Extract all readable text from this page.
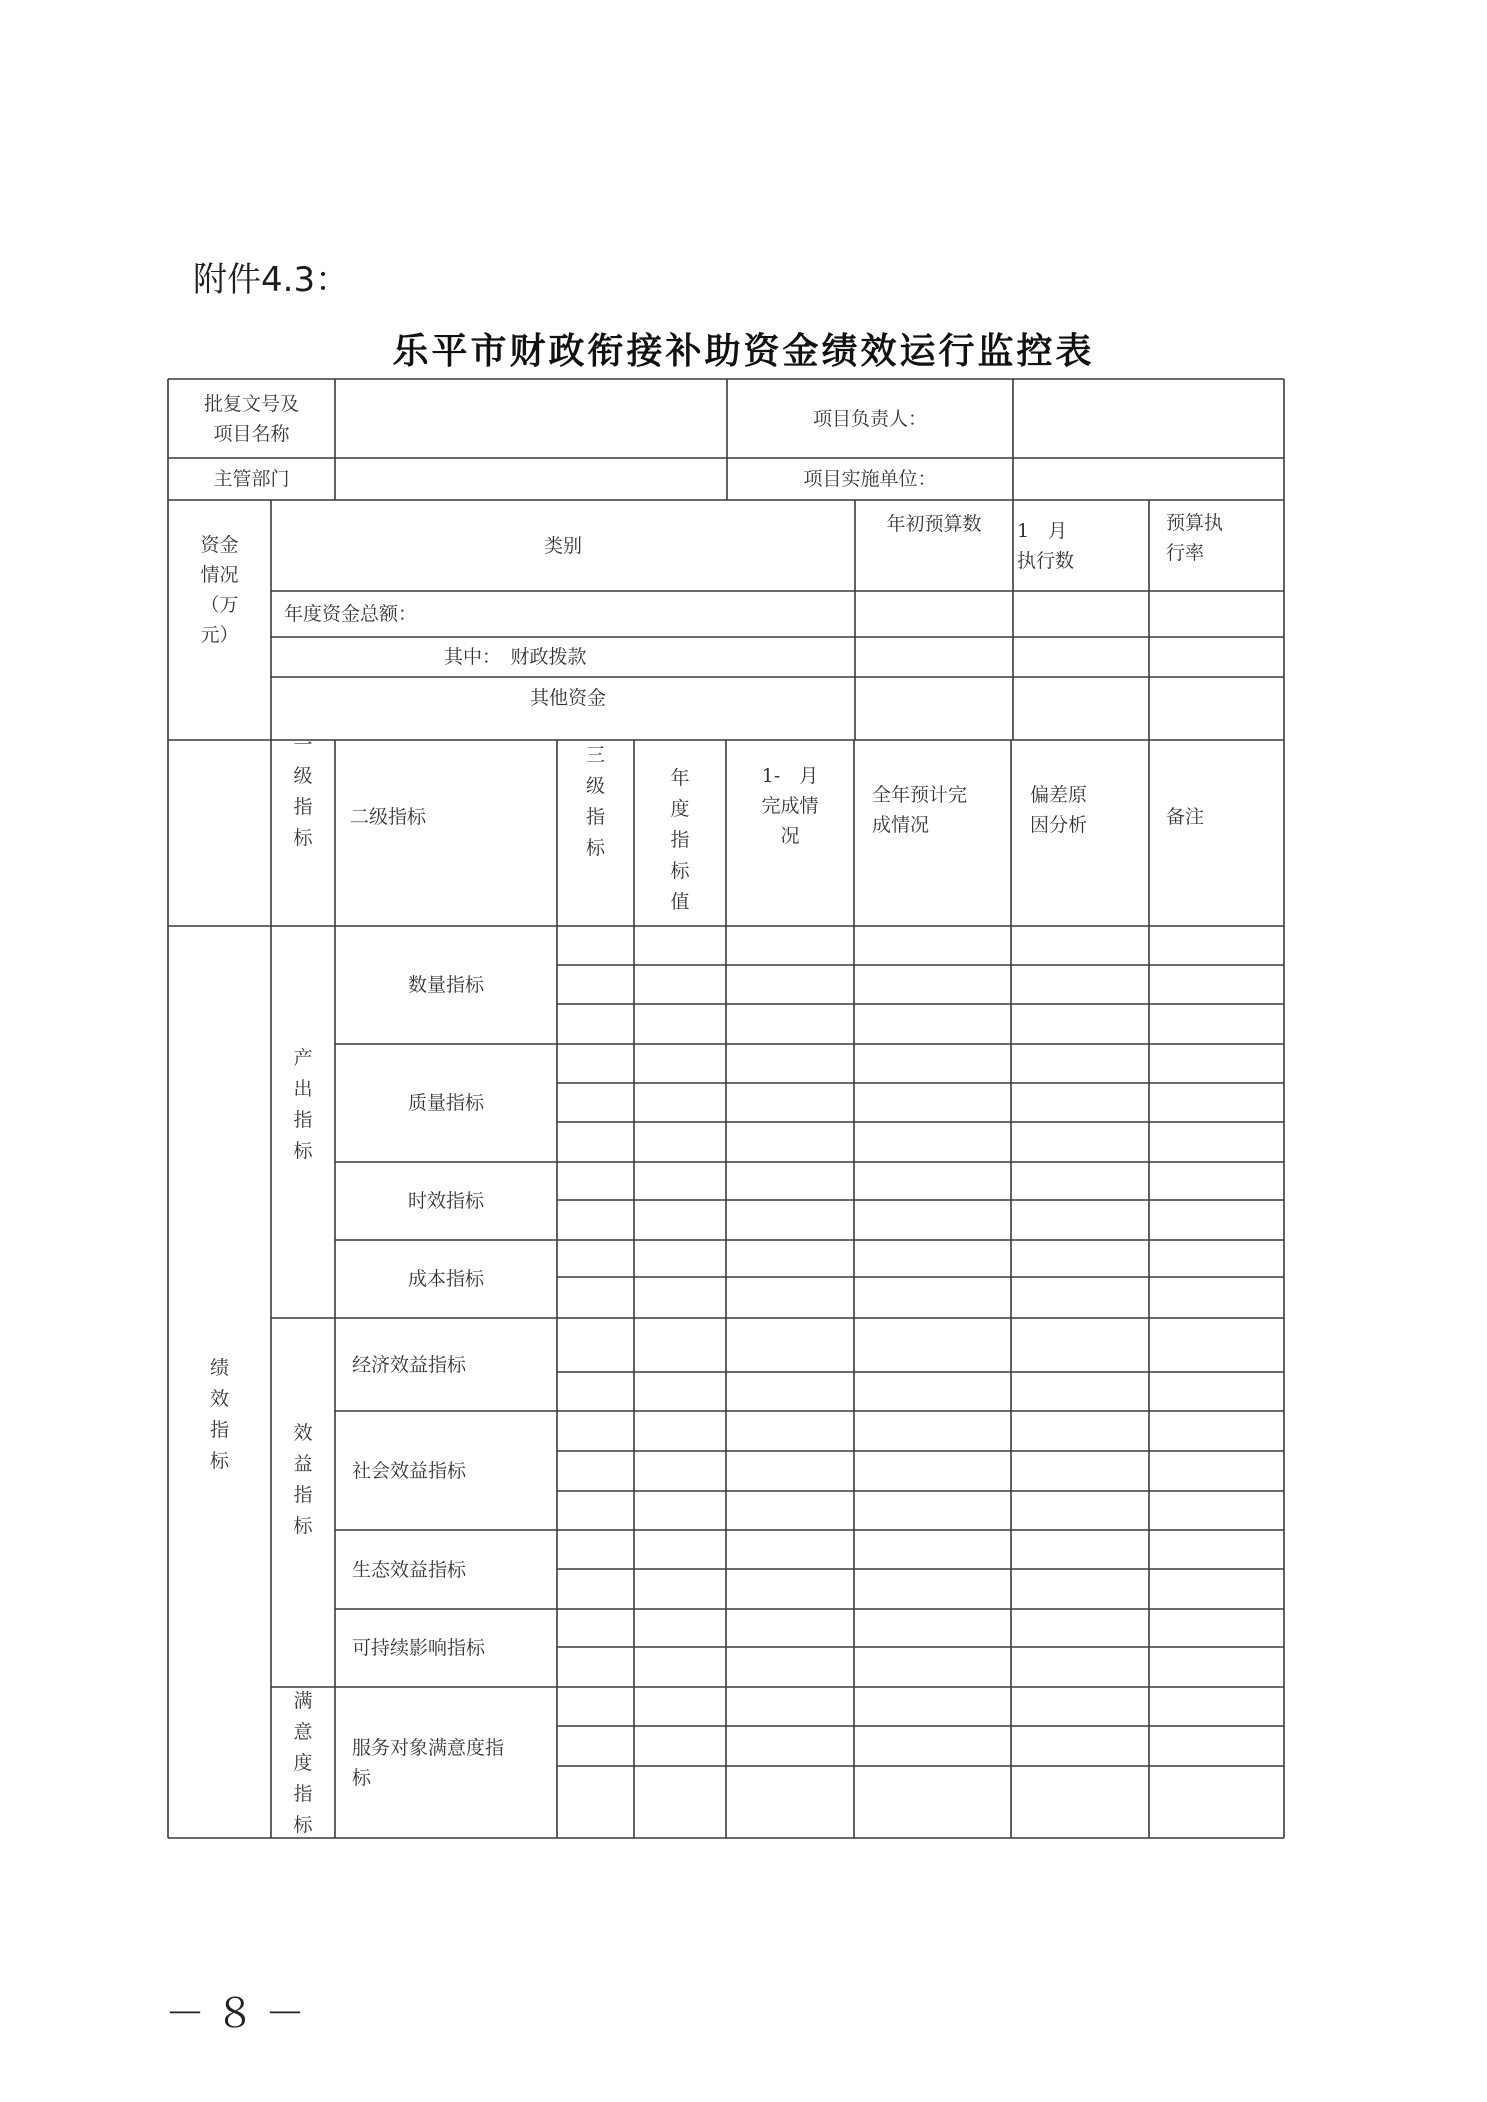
附件4.3：
乐平市财政衔接补助资金绩效运行监控表
批复文号及
项目名称
项目负责人：
主管部门	项目实施单位：
资金
情况
（万
元）
类别
年初预算数 1　月
执行数
预算执
行率
年度资金总额：
其中：　财政拨款
其他资金
一
级
指
标
二级指标
三
级
指
标
年
度
指
标
值
1-　月
完成情
况
全年预计完
成情况
偏差原
因分析	备注
绩
效
指
标
产
出
指
标
数量指标
质量指标
时效指标
成本指标
效
益
指
标
经济效益指标
社会效益指标
生态效益指标
可持续影响指标
满
意
度
指
标
服务对象满意度指
标
－８－
